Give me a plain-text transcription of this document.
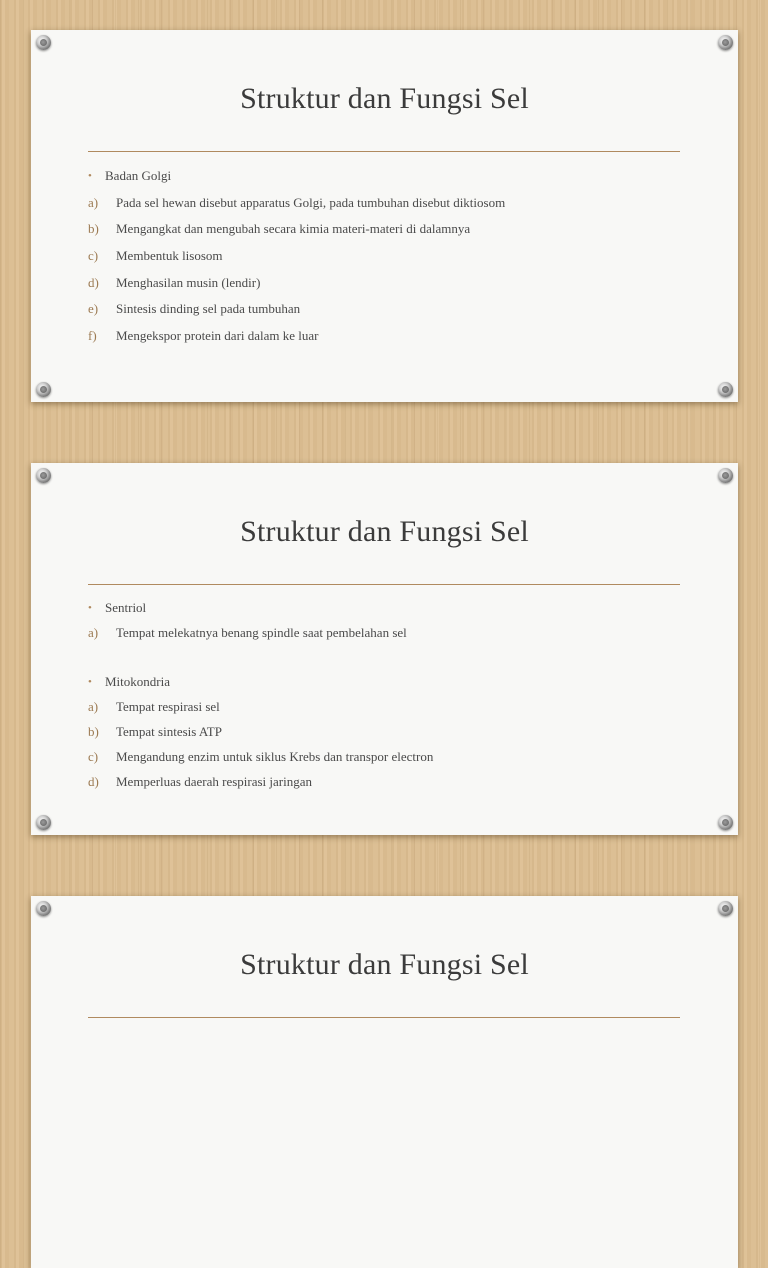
Struktur dan Fungsi Sel
• Badan Golgi
a) Pada sel hewan disebut apparatus Golgi, pada tumbuhan disebut diktiosom
b) Mengangkat dan mengubah secara kimia materi-materi di dalamnya
c) Membentuk lisosom
d) Menghasilan musin (lendir)
e) Sintesis dinding sel pada tumbuhan
f) Mengekspor protein dari dalam ke luar
Struktur dan Fungsi Sel
• Sentriol
a) Tempat melekatnya benang spindle saat pembelahan sel
• Mitokondria
a) Tempat respirasi sel
b) Tempat sintesis ATP
c) Mengandung enzim untuk siklus Krebs dan transpor electron
d) Memperluas daerah respirasi jaringan
Struktur dan Fungsi Sel
